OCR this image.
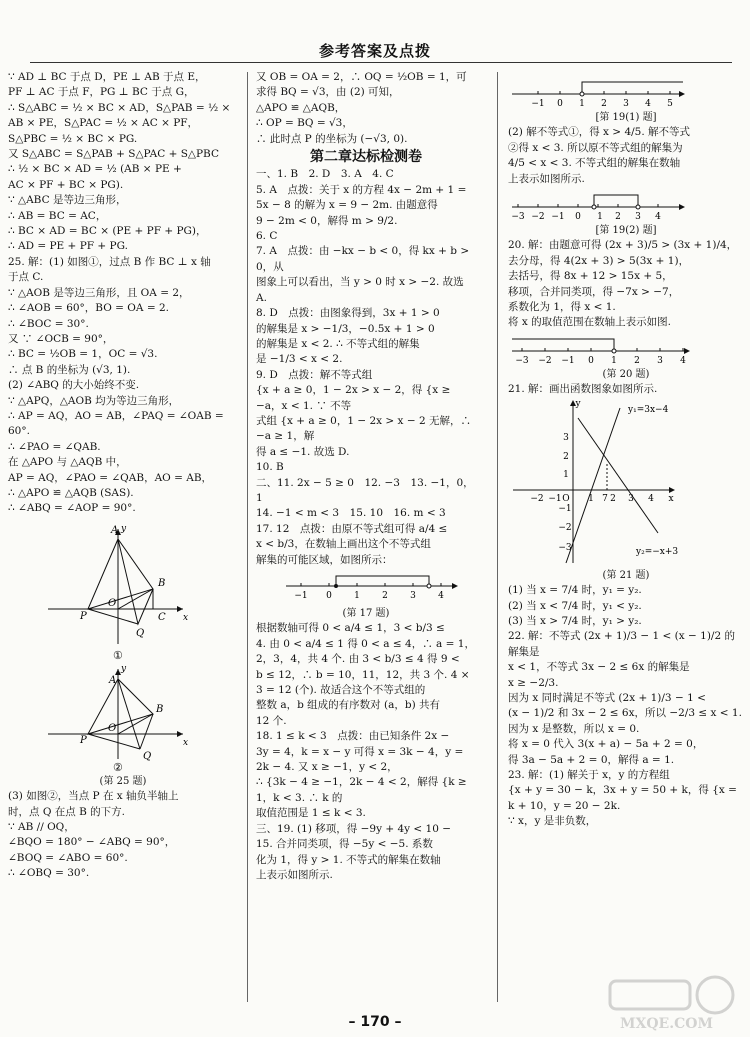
参考答案及点拨

∵ AD ⊥ BC 于点 D，PE ⊥ AB 于点 E，

PF ⊥ AC 于点 F，PG ⊥ BC 于点 G，

∴ S△ABC = ½ × BC × AD，S△PAB = ½ ×

AB × PE，S△PAC = ½ × AC × PF，

S△PBC = ½ × BC × PG.

又 S△ABC = S△PAB + S△PAC + S△PBC

∴ ½ × BC × AD = ½ (AB × PE +

AC × PF + BC × PG).

∵ △ABC 是等边三角形，

∴ AB = BC = AC，

∴ BC × AD = BC × (PE + PF + PG)，

∴ AD = PE + PF + PG.

25. 解：(1) 如图①，过点 B 作 BC ⊥ x 轴

于点 C.

∵ △AOB 是等边三角形，且 OA = 2，

∴ ∠AOB = 60°，BO = OA = 2.

∴ ∠BOC = 30°.

又 ∵ ∠OCB = 90°，

∴ BC = ½OB = 1，OC = √3.

∴ 点 B 的坐标为 (√3, 1).

(2) ∠ABQ 的大小始终不变.

∵ △APQ，△AOB 均为等边三角形，

∴ AP = AQ，AO = AB，∠PAQ = ∠OAB =

60°.

∴ ∠PAO = ∠QAB.

在 △APO 与 △AQB 中，

AP = AQ，∠PAO = ∠QAB，AO = AB，

∴ △APO ≌ △AQB (SAS).

∴ ∠ABQ = ∠AOP = 90°.

A
P
O
B
C
Q
x
y
①
A
P
O
B
Q
x
y
②
(第 25 题)

(3) 如图②，当点 P 在 x 轴负半轴上

时，点 Q 在点 B 的下方.

∵ AB // OQ，

∠BQO = 180° − ∠ABQ = 90°，

∠BOQ = ∠ABO = 60°.

∴ ∠OBQ = 30°.

又 OB = OA = 2，∴ OQ = ½OB = 1，可

求得 BQ = √3，由 (2) 可知，

△APO ≌ △AQB，

∴ OP = BQ = √3，

∴ 此时点 P 的坐标为 (−√3, 0).

第二章达标检测卷

一、1. B　2. D　3. A　4. C

5. A　点拨：关于 x 的方程 4x − 2m + 1 =

5x − 8 的解为 x = 9 − 2m. 由题意得

9 − 2m < 0，解得 m > 9/2.

6. C

7. A　点拨：由 −kx − b < 0，得 kx + b > 0，从

图象上可以看出，当 y > 0 时 x > −2. 故选 A.

8. D　点拨：由图象得到，3x + 1 > 0

的解集是 x > −1/3，−0.5x + 1 > 0

的解集是 x < 2. ∴ 不等式组的解集

是 −1/3 < x < 2.

9. D　点拨：解不等式组

{x + a ≥ 0，1 − 2x > x − 2，得 {x ≥ −a，x < 1. ∵ 不等

式组 {x + a ≥ 0，1 − 2x > x − 2 无解，∴ −a ≥ 1，解

得 a ≤ −1. 故选 D.

10. B

二、11. 2x − 5 ≥ 0　12. −3　13. −1，0，1

14. −1 < m < 3　15. 10　16. m < 3

17. 12　点拨：由原不等式组可得 a/4 ≤

x < b/3，在数轴上画出这个不等式组

解集的可能区域，如图所示：

−1 0 1 2 3 4
(第 17 题)

根据数轴可得 0 < a/4 ≤ 1，3 < b/3 ≤

4. 由 0 < a/4 ≤ 1 得 0 < a ≤ 4，∴ a = 1，

2，3，4，共 4 个. 由 3 < b/3 ≤ 4 得 9 <

b ≤ 12，∴ b = 10，11，12，共 3 个. 4 ×

3 = 12 (个). 故适合这个不等式组的

整数 a，b 组成的有序数对 (a，b) 共有

12 个.

18. 1 ≤ k < 3　点拨：由已知条件 2x −

3y = 4，k = x − y 可得 x = 3k − 4，y =

2k − 4. 又 x ≥ −1，y < 2，

∴ {3k − 4 ≥ −1，2k − 4 < 2，解得 {k ≥ 1，k < 3. ∴ k 的

取值范围是 1 ≤ k < 3.

三、19. (1) 移项，得 −9y + 4y < 10 −

15. 合并同类项，得 −5y < −5. 系数

化为 1，得 y > 1. 不等式的解集在数轴

上表示如图所示.

−1 0 1 2 3 4 5
[第 19(1) 题]

(2) 解不等式①，得 x > 4/5. 解不等式

②得 x < 3. 所以原不等式组的解集为

4/5 < x < 3. 不等式组的解集在数轴

上表示如图所示.

−3 −2 −1 0 1 2 3 4
[第 19(2) 题]

20. 解：由题意可得 (2x + 3)/5 > (3x + 1)/4，

去分母，得 4(2x + 3) > 5(3x + 1)，

去括号，得 8x + 12 > 15x + 5，

移项，合并同类项，得 −7x > −7，

系数化为 1，得 x < 1.

将 x 的取值范围在数轴上表示如图.

−3 −2 −1 0 1 2 3 4
(第 20 题)

21. 解：画出函数图象如图所示.

−2 −1 O 1 7 2 3 4 x
2
3
1
−1
−2
−3
y
y₁=3x−4
y₂=−x+3
(第 21 题)

(1) 当 x = 7/4 时，y₁ = y₂.

(2) 当 x < 7/4 时，y₁ < y₂.

(3) 当 x > 7/4 时，y₁ > y₂.

22. 解：不等式 (2x + 1)/3 − 1 < (x − 1)/2 的解集是

x < 1，不等式 3x − 2 ≤ 6x 的解集是

x ≥ −2/3.

因为 x 同时满足不等式 (2x + 1)/3 − 1 <

(x − 1)/2 和 3x − 2 ≤ 6x，所以 −2/3 ≤ x < 1.

因为 x 是整数，所以 x = 0.

将 x = 0 代入 3(x + a) − 5a + 2 = 0，

得 3a − 5a + 2 = 0，解得 a = 1.

23. 解：(1) 解关于 x，y 的方程组

{x + y = 30 − k，3x + y = 50 + k，得 {x = k + 10，y = 20 − 2k.

∵ x，y 是非负数，

– 170 –	MXQE.COM
